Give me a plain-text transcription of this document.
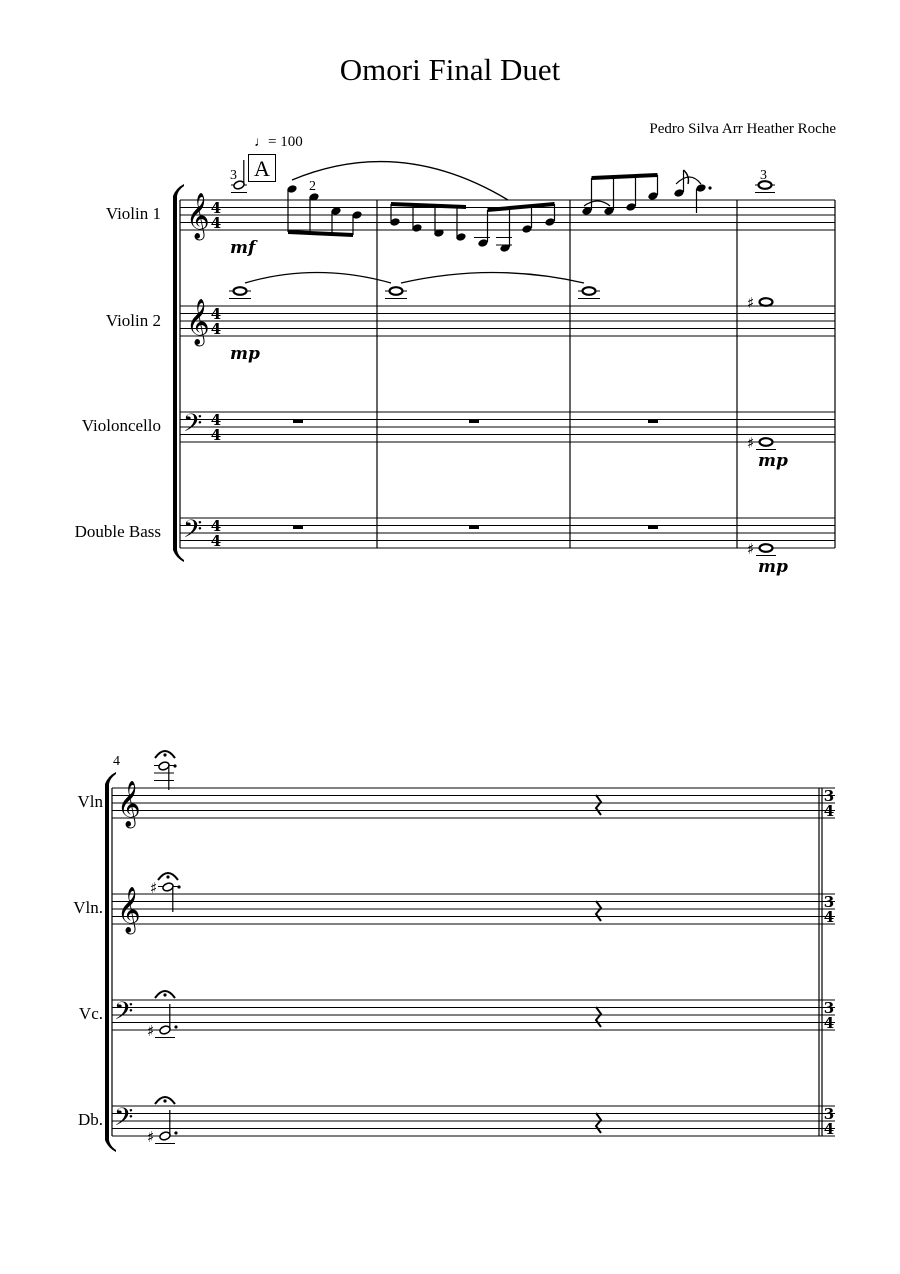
Omori Final Duet
Pedro Silva Arr Heather Roche
♩= 100
A
Violin 1
Violin 2
Violoncello
Double Bass
4
Vln
Vln.
Vc.
Db.
𝄞
𝄞
𝄢
𝄢
4
4
4
4
4
4
4
4
3
2
3
mf
♯
mp
♯
mp
♯
mp
𝄞
𝄞
𝄢
𝄢
♯
♯
♯
3
4
3
4
3
4
3
4
